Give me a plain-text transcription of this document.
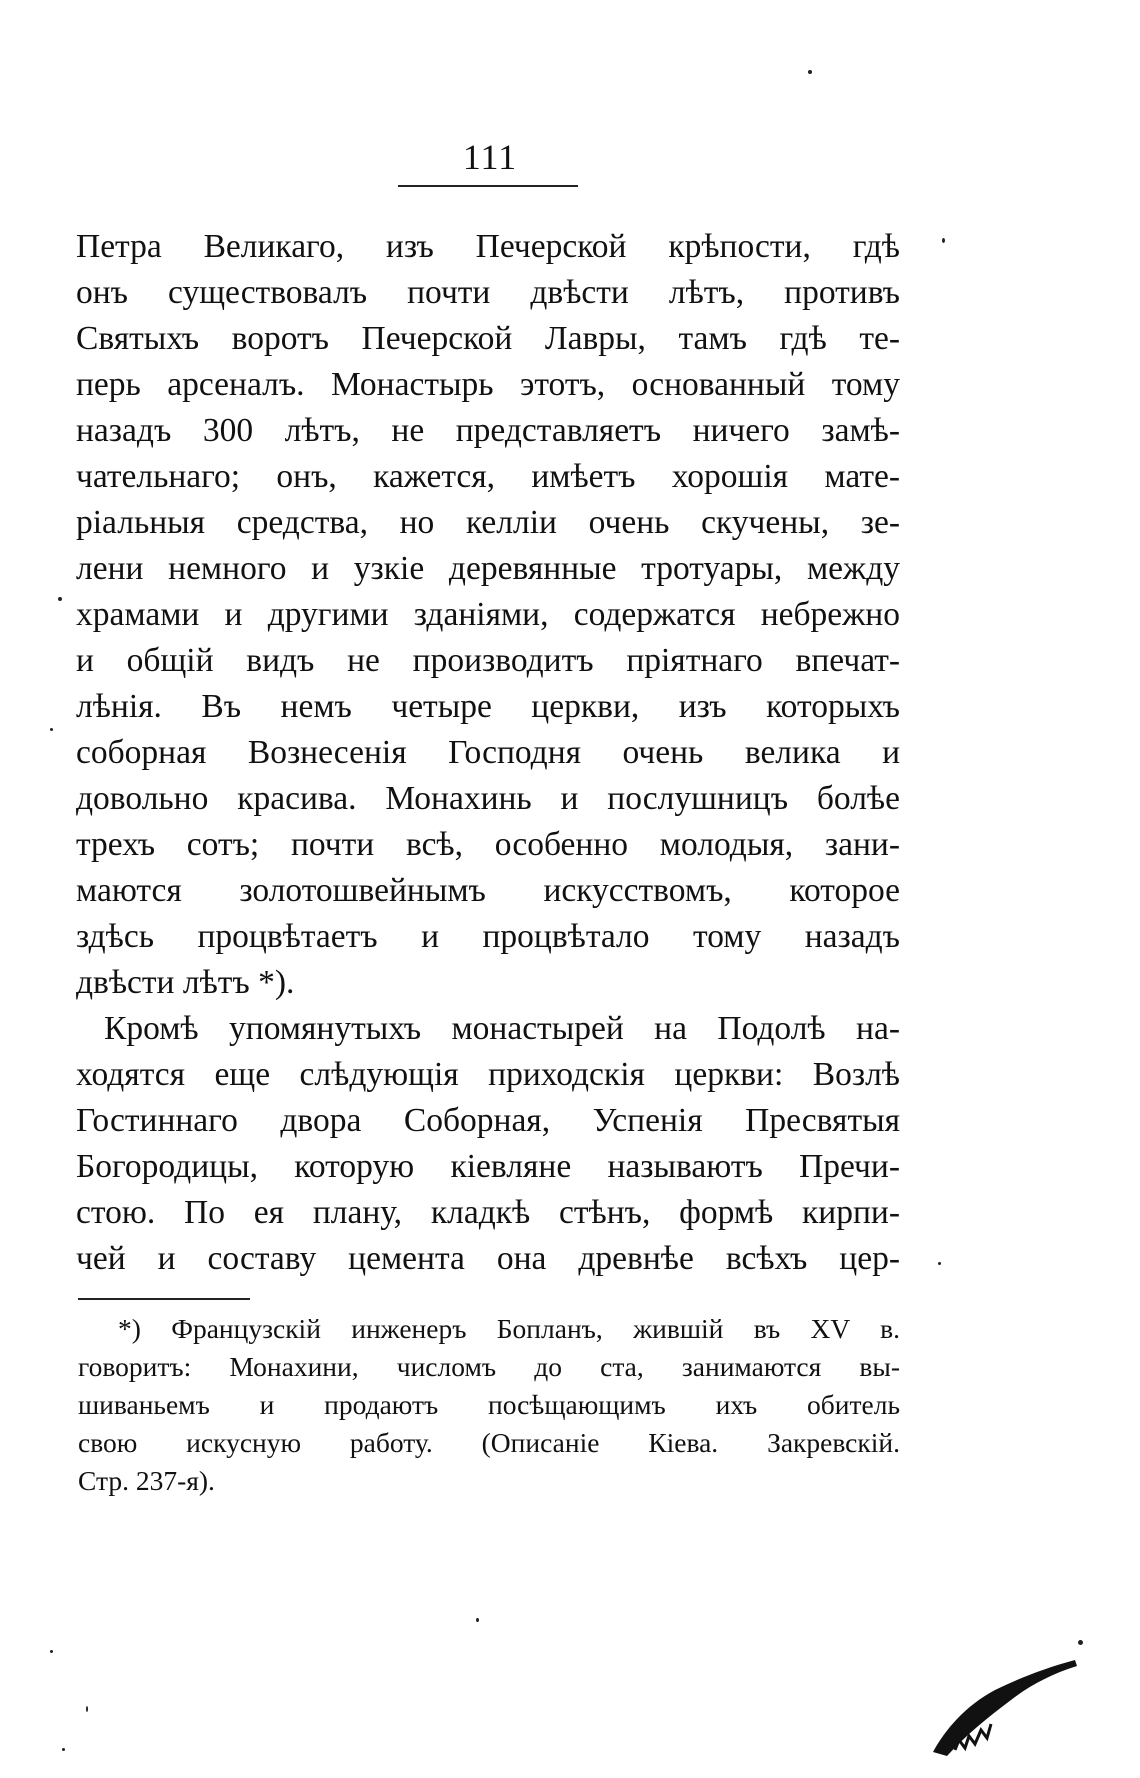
111
Петра Великаго, изъ Печерской крѣпости, гдѣ
онъ существовалъ почти двѣсти лѣтъ, противъ
Святыхъ воротъ Печерской Лавры, тамъ гдѣ те-
перь арсеналъ. Монастырь этотъ, основанный тому
назадъ 300 лѣтъ, не представляетъ ничего замѣ-
чательнаго; онъ, кажется, имѣетъ хорошія мате-
ріальныя средства, но келліи очень скучены, зе-
лени немного и узкіе деревянные тротуары, между
храмами и другими зданіями, содержатся небрежно
и общій видъ не производитъ пріятнаго впечат-
лѣнія. Въ немъ четыре церкви, изъ которыхъ
соборная Вознесенія Господня очень велика и
довольно красива. Монахинь и послушницъ болѣе
трехъ сотъ; почти всѣ, особенно молодыя, зани-
маются золотошвейнымъ искусствомъ, которое
здѣсь процвѣтаетъ и процвѣтало тому назадъ
двѣсти лѣтъ *).
Кромѣ упомянутыхъ монастырей на Подолѣ на-
ходятся еще слѣдующія приходскія церкви: Возлѣ
Гостиннаго двора Соборная, Успенія Пресвятыя
Богородицы, которую кіевляне называютъ Пречи-
стою. По ея плану, кладкѣ стѣнъ, формѣ кирпи-
чей и составу цемента она древнѣе всѣхъ цер-
*) Французскій инженеръ Бопланъ, жившій въ XV в.
говоритъ: Монахини, числомъ до ста, занимаются вы-
шиваньемъ и продаютъ посѣщающимъ ихъ обитель
свою искусную работу. (Описаніе Кіева. Закревскій.
Стр. 237-я).
